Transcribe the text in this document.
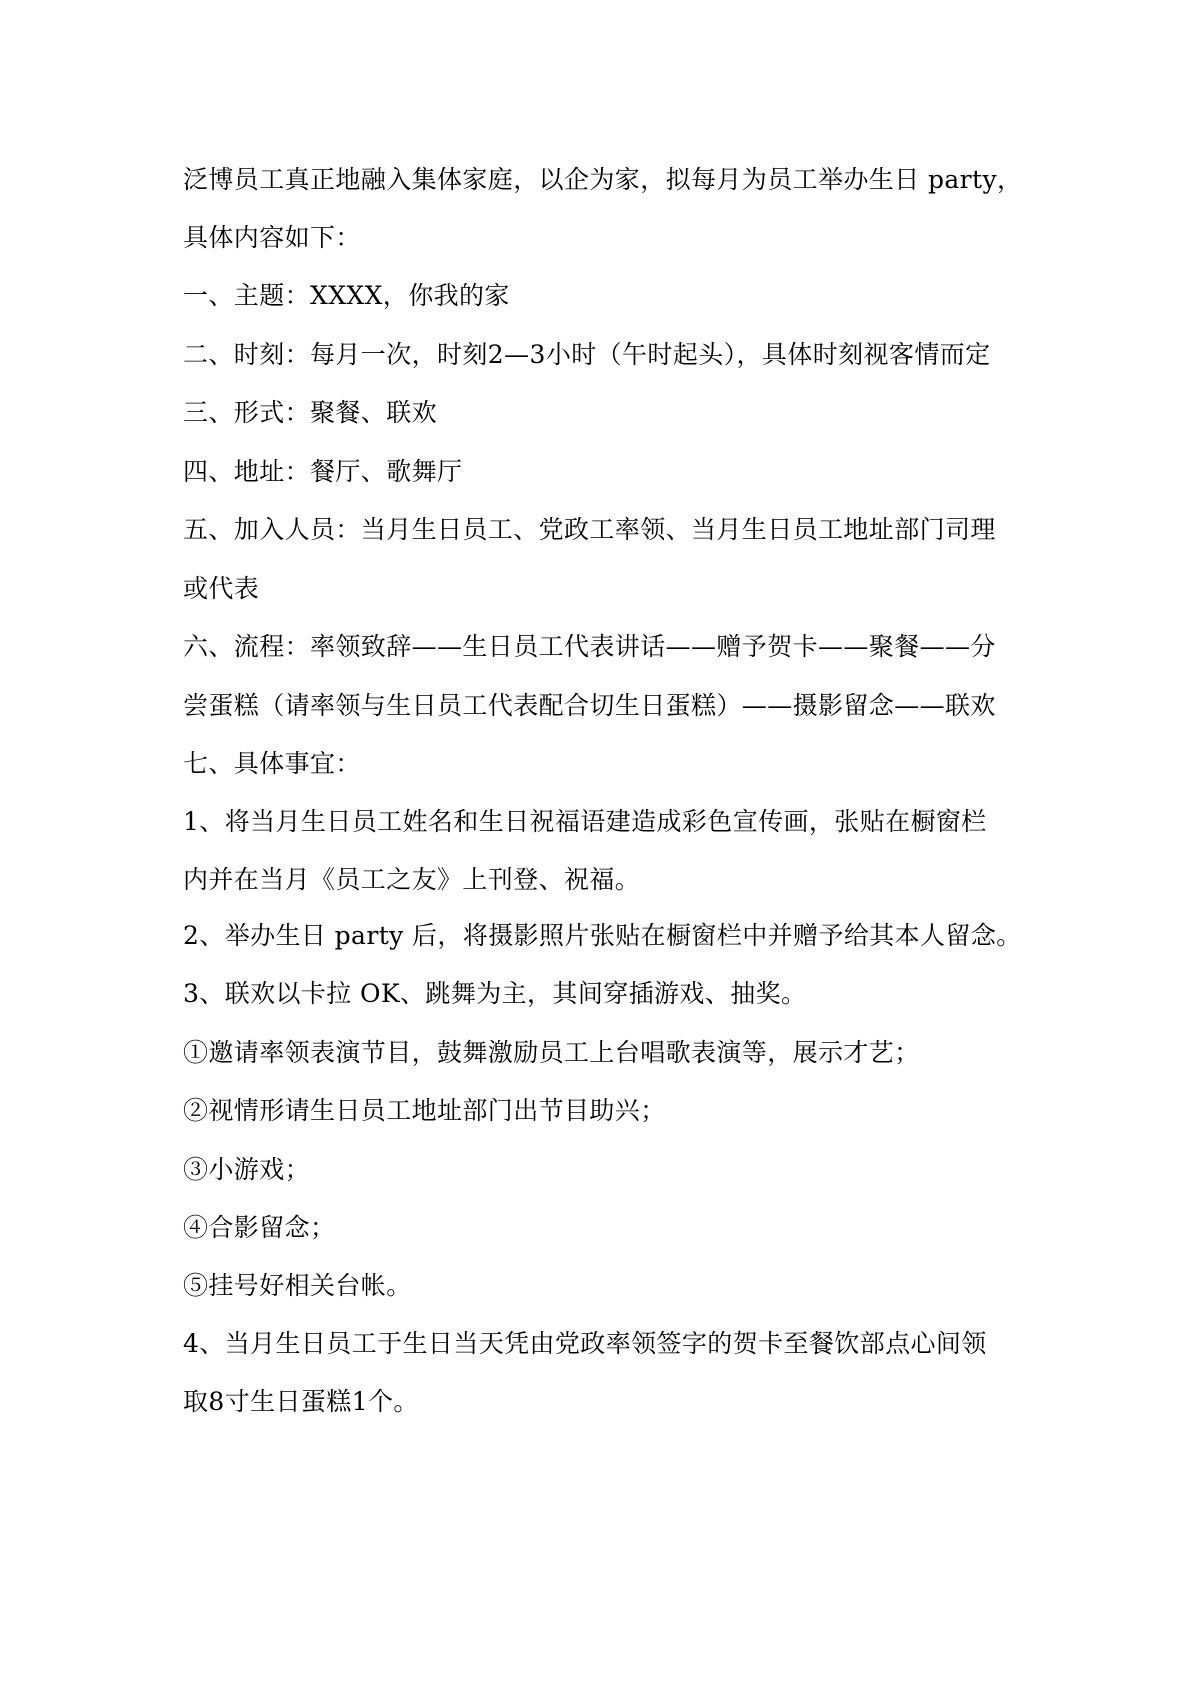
泛博员工真正地融入集体家庭，以企为家，拟每月为员工举办生日 party，

具体内容如下：

一、主题：XXXX，你我的家

二、时刻：每月一次，时刻2—3小时（午时起头），具体时刻视客情而定

三、形式：聚餐、联欢

四、地址：餐厅、歌舞厅

五、加入人员：当月生日员工、党政工率领、当月生日员工地址部门司理

或代表

六、流程：率领致辞——生日员工代表讲话——赠予贺卡——聚餐——分

尝蛋糕（请率领与生日员工代表配合切生日蛋糕）——摄影留念——联欢

七、具体事宜：

1、将当月生日员工姓名和生日祝福语建造成彩色宣传画，张贴在橱窗栏

内并在当月《员工之友》上刊登、祝福。

2、举办生日 party 后，将摄影照片张贴在橱窗栏中并赠予给其本人留念。

3、联欢以卡拉 OK、跳舞为主，其间穿插游戏、抽奖。

①邀请率领表演节目，鼓舞激励员工上台唱歌表演等，展示才艺；

②视情形请生日员工地址部门出节目助兴；

③小游戏；

④合影留念；

⑤挂号好相关台帐。

4、当月生日员工于生日当天凭由党政率领签字的贺卡至餐饮部点心间领

取8寸生日蛋糕1个。
